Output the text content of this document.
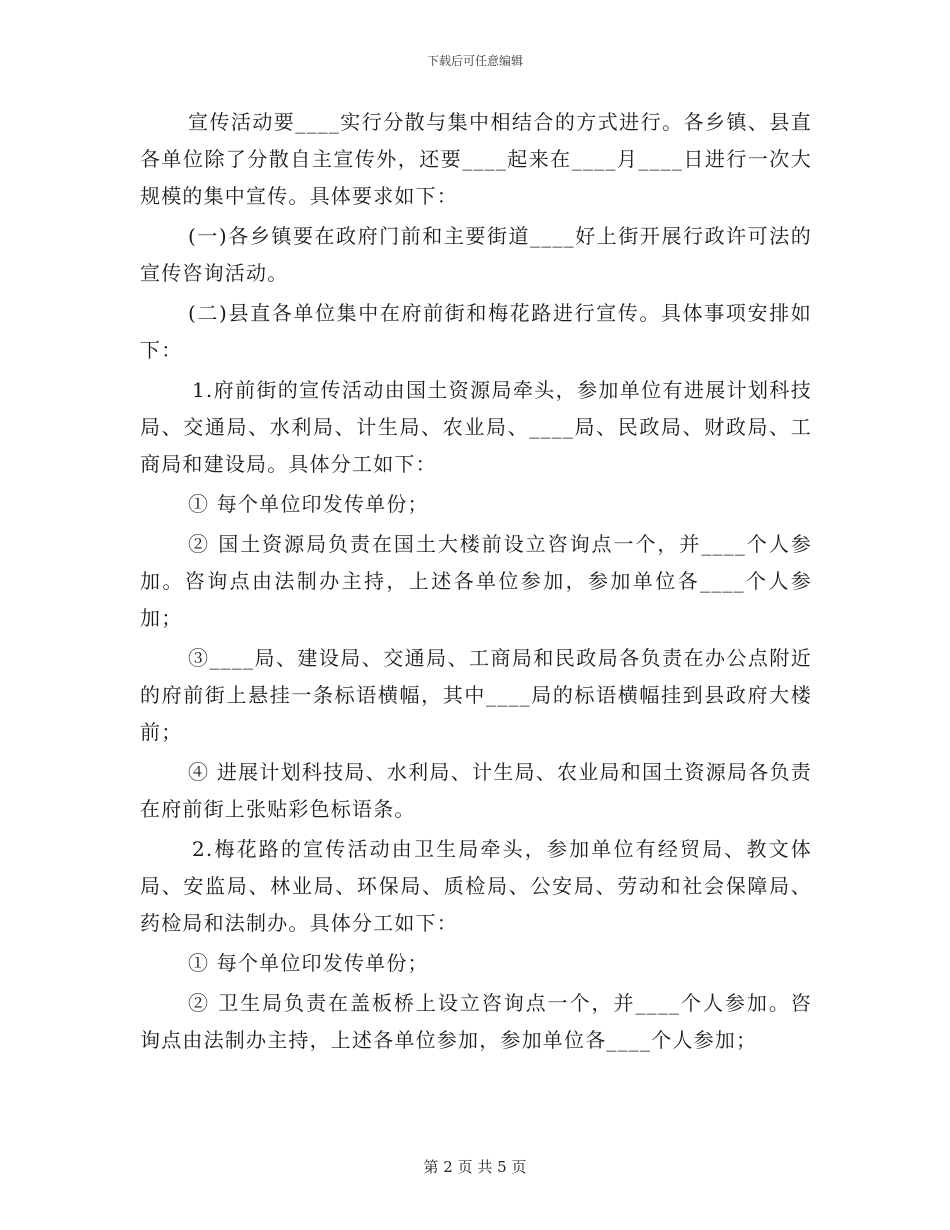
下载后可任意编辑

宣传活动要____实行分散与集中相结合的方式进行。各乡镇、县直各单位除了分散自主宣传外，还要____起来在____月____日进行一次大规模的集中宣传。具体要求如下：

(一)各乡镇要在政府门前和主要街道____好上街开展行政许可法的宣传咨询活动。

(二)县直各单位集中在府前街和梅花路进行宣传。具体事项安排如下：

1.府前街的宣传活动由国土资源局牵头，参加单位有进展计划科技局、交通局、水利局、计生局、农业局、____局、民政局、财政局、工商局和建设局。具体分工如下：

① 每个单位印发传单份；

② 国土资源局负责在国土大楼前设立咨询点一个，并____个人参加。咨询点由法制办主持，上述各单位参加，参加单位各____个人参加；

③____局、建设局、交通局、工商局和民政局各负责在办公点附近的府前街上悬挂一条标语横幅，其中____局的标语横幅挂到县政府大楼前；

④ 进展计划科技局、水利局、计生局、农业局和国土资源局各负责在府前街上张贴彩色标语条。

2.梅花路的宣传活动由卫生局牵头，参加单位有经贸局、教文体局、安监局、林业局、环保局、质检局、公安局、劳动和社会保障局、药检局和法制办。具体分工如下：

① 每个单位印发传单份；

② 卫生局负责在盖板桥上设立咨询点一个，并____个人参加。咨询点由法制办主持，上述各单位参加，参加单位各____个人参加；

第 2 页 共 5 页
